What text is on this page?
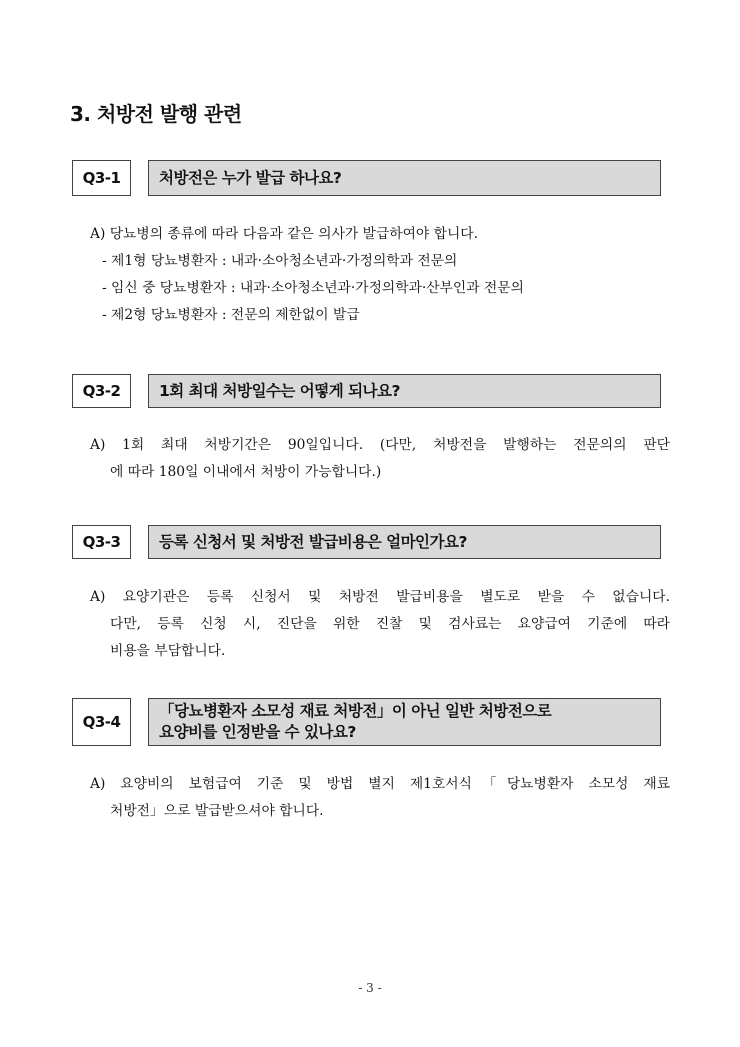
3. 처방전 발행 관련
Q3-1	처방전은 누가 발급 하나요?
A) 당뇨병의 종류에 따라 다음과 같은 의사가 발급하여야 합니다.
- 제1형 당뇨병환자 : 내과·소아청소년과·가정의학과 전문의
- 임신 중 당뇨병환자 : 내과·소아청소년과·가정의학과·산부인과 전문의
- 제2형 당뇨병환자 : 전문의 제한없이 발급
Q3-2	1회 최대 처방일수는 어떻게 되나요?
A) 1회 최대 처방기간은 90일입니다. (다만, 처방전을 발행하는 전문의의 판단
에 따라 180일 이내에서 처방이 가능합니다.)
Q3-3	등록 신청서 및 처방전 발급비용은 얼마인가요?
A) 요양기관은 등록 신청서 및 처방전 발급비용을 별도로 받을 수 없습니다.
다만, 등록 신청 시, 진단을 위한 진찰 및 검사료는 요양급여 기준에 따라
비용을 부담합니다.
Q3-4
「당뇨병환자 소모성 재료 처방전」이 아닌 일반 처방전으로
요양비를 인정받을 수 있나요?
A) 요양비의 보험급여 기준 및 방법 별지 제1호서식「당뇨병환자 소모성 재료
처방전」으로 발급받으셔야 합니다.
- 3 -
